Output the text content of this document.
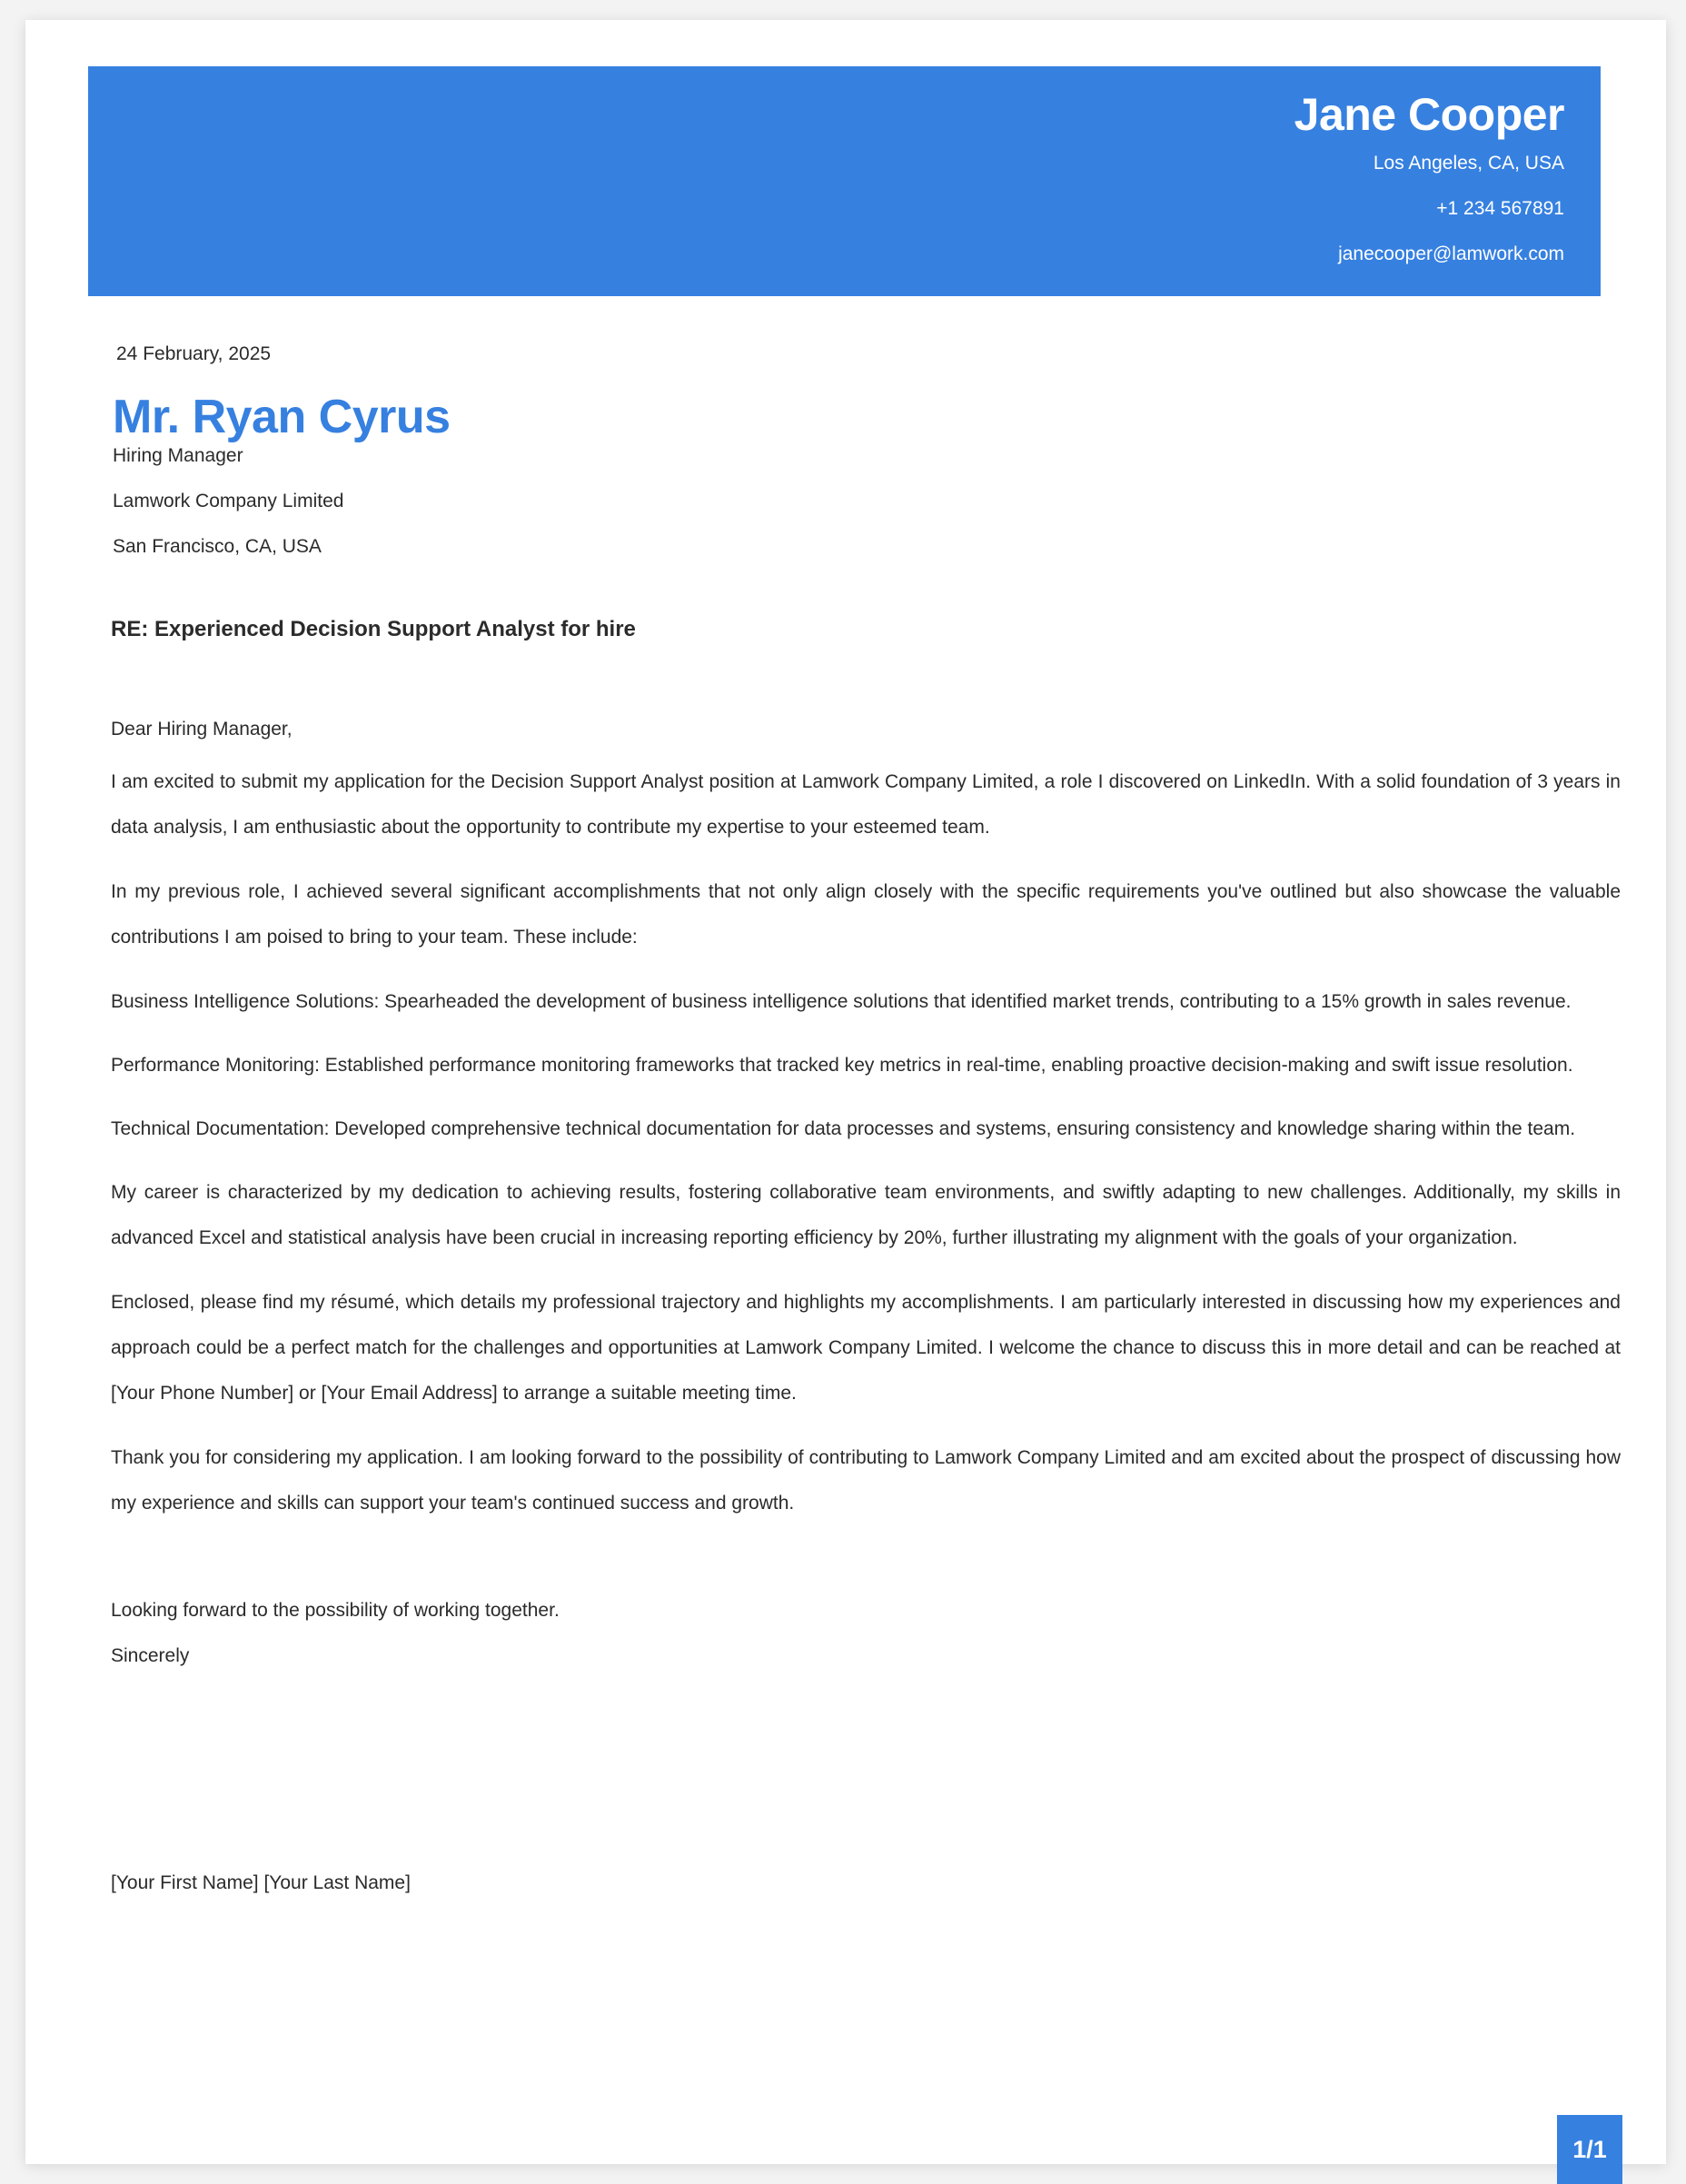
Jane Cooper
Los Angeles, CA, USA
+1 234 567891
janecooper@lamwork.com
24 February, 2025
Mr. Ryan Cyrus
Hiring Manager
Lamwork Company Limited
San Francisco, CA, USA
RE: Experienced Decision Support Analyst for hire
Dear Hiring Manager,
I am excited to submit my application for the Decision Support Analyst position at Lamwork Company Limited, a role I discovered on LinkedIn. With a solid foundation of 3 years in data analysis, I am enthusiastic about the opportunity to contribute my expertise to your esteemed team.
In my previous role, I achieved several significant accomplishments that not only align closely with the specific requirements you've outlined but also showcase the valuable contributions I am poised to bring to your team. These include:
Business Intelligence Solutions: Spearheaded the development of business intelligence solutions that identified market trends, contributing to a 15% growth in sales revenue.
Performance Monitoring: Established performance monitoring frameworks that tracked key metrics in real-time, enabling proactive decision-making and swift issue resolution.
Technical Documentation: Developed comprehensive technical documentation for data processes and systems, ensuring consistency and knowledge sharing within the team.
My career is characterized by my dedication to achieving results, fostering collaborative team environments, and swiftly adapting to new challenges. Additionally, my skills in advanced Excel and statistical analysis have been crucial in increasing reporting efficiency by 20%, further illustrating my alignment with the goals of your organization.
Enclosed, please find my résumé, which details my professional trajectory and highlights my accomplishments. I am particularly interested in discussing how my experiences and approach could be a perfect match for the challenges and opportunities at Lamwork Company Limited. I welcome the chance to discuss this in more detail and can be reached at [Your Phone Number] or [Your Email Address] to arrange a suitable meeting time.
Thank you for considering my application. I am looking forward to the possibility of contributing to Lamwork Company Limited and am excited about the prospect of discussing how my experience and skills can support your team's continued success and growth.
Looking forward to the possibility of working together.
Sincerely
[Your First Name] [Your Last Name]
1/1
